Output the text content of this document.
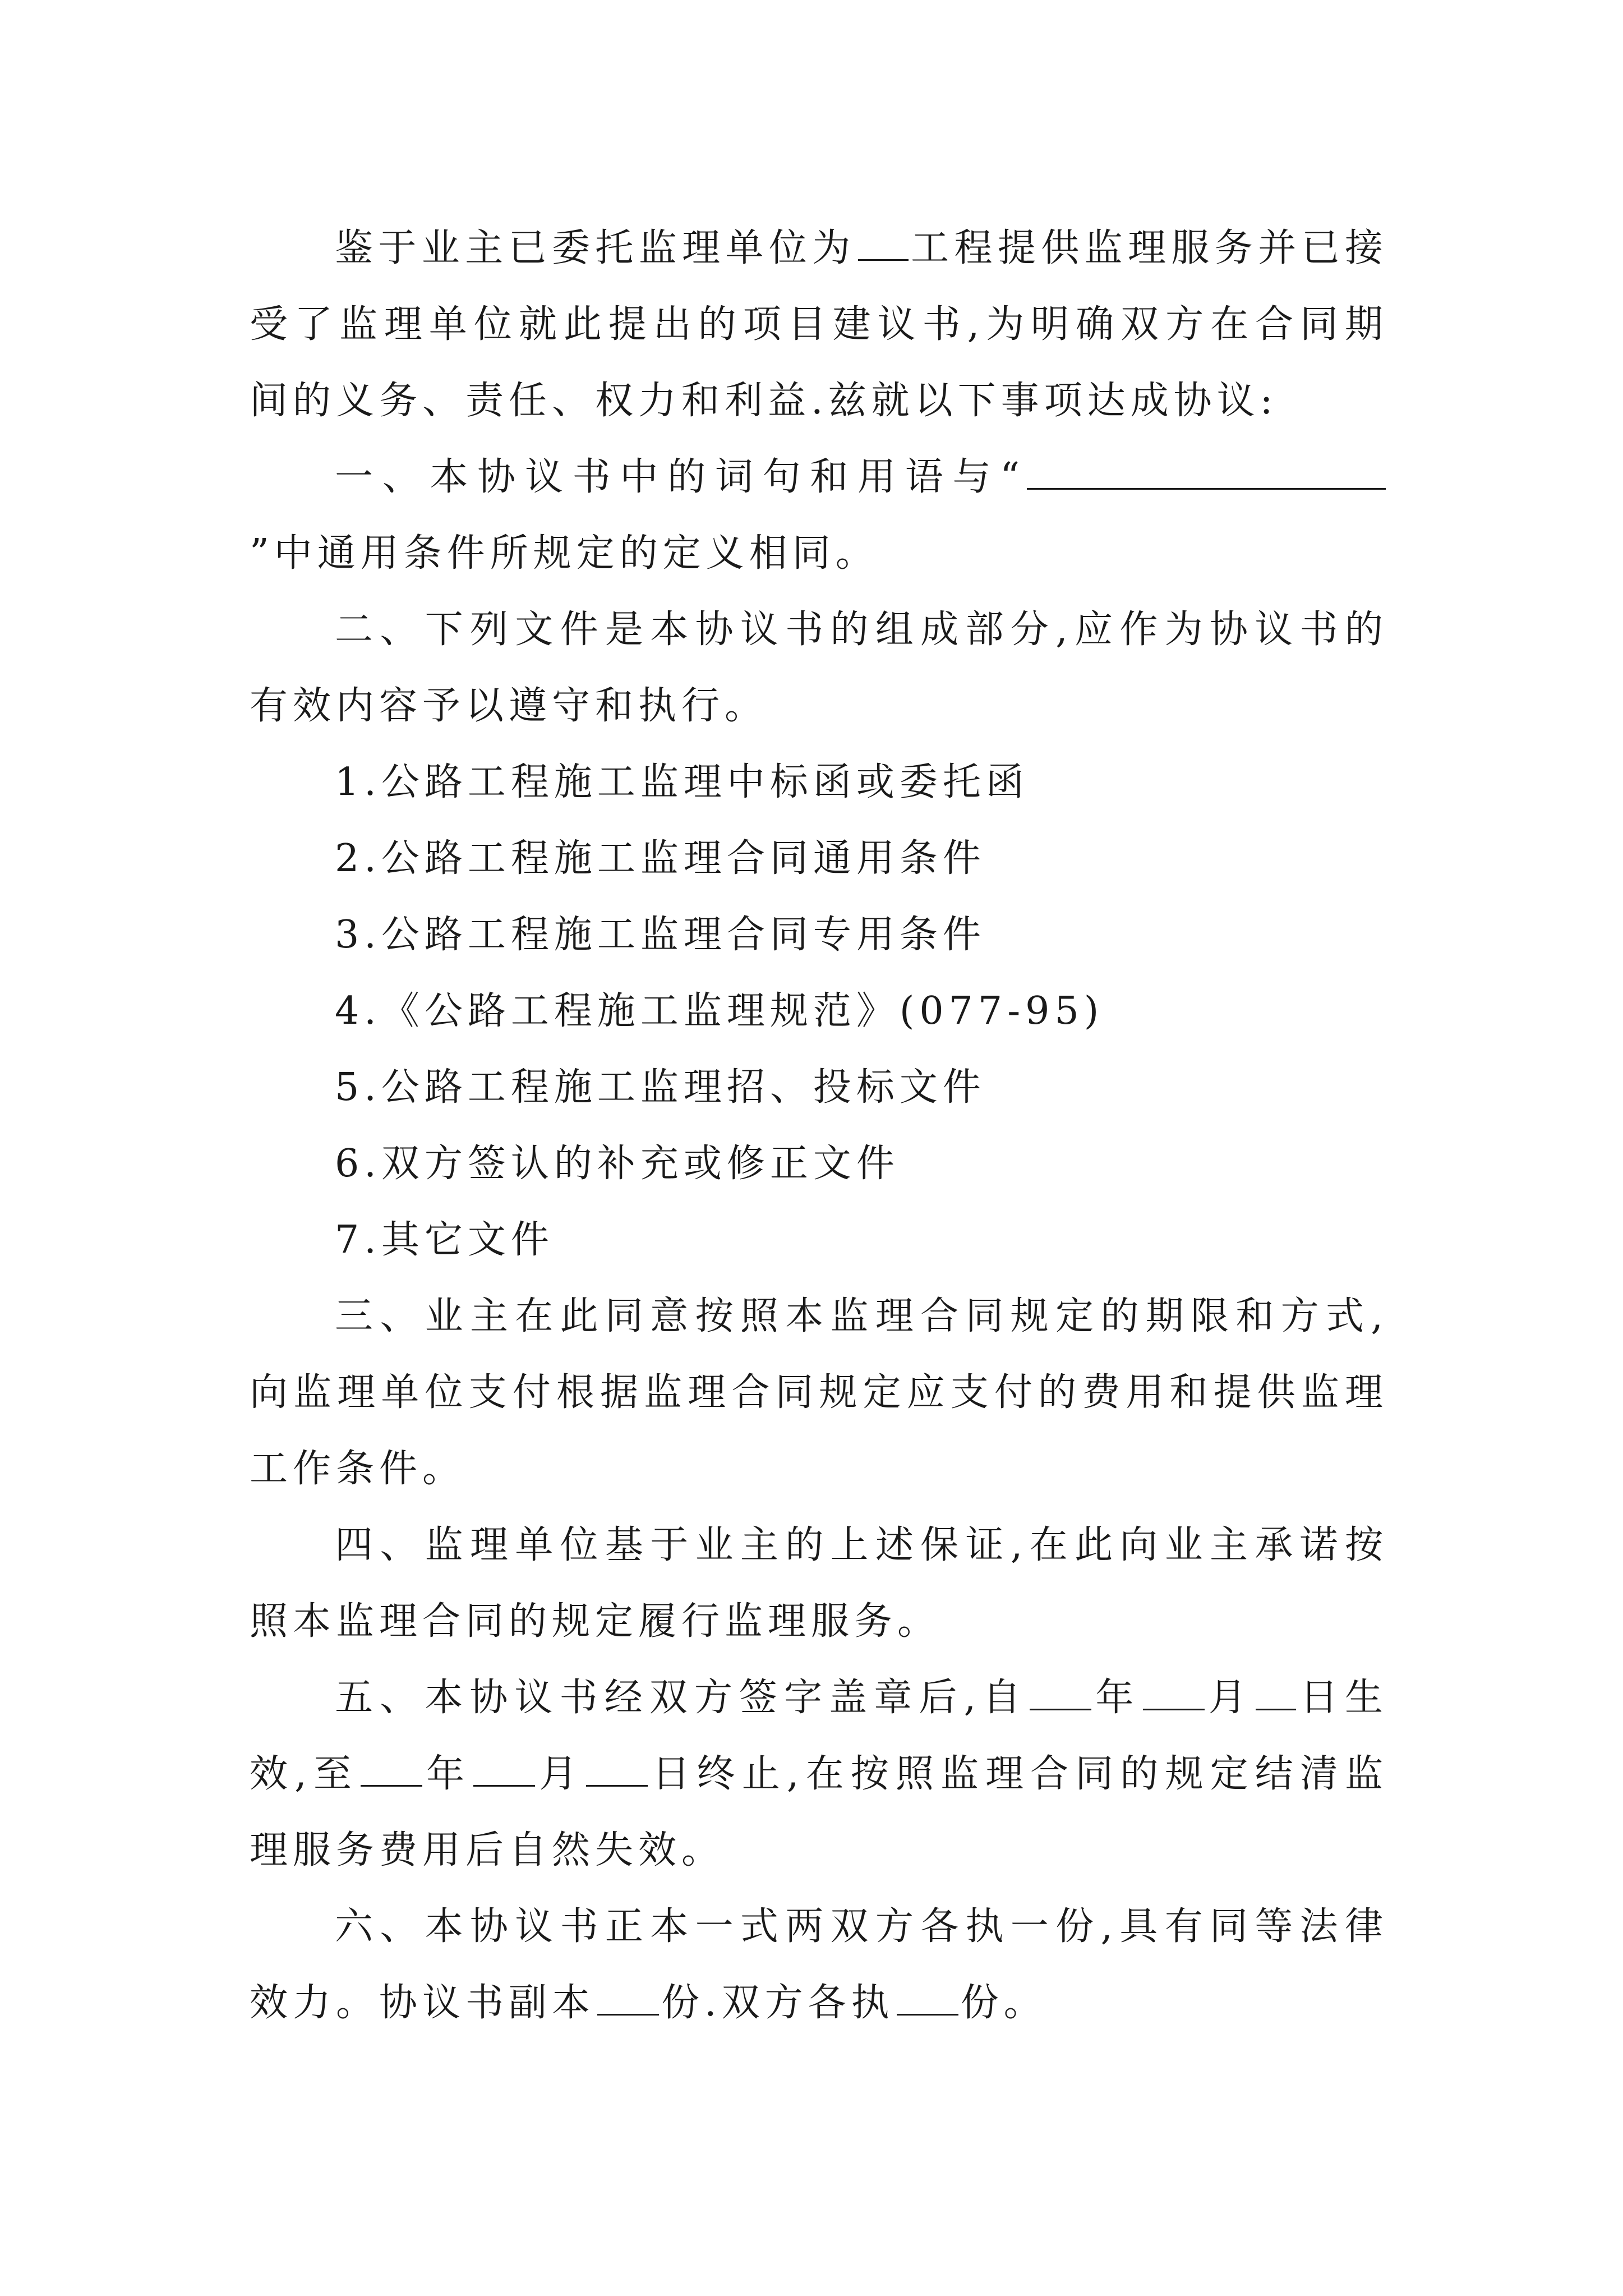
鉴于业主已委托监理单位为 工程提供监理服务并已接受了监理单位就此提出的项目建议书,为明确双方在合同期间的义务、责任、权力和利益.兹就以下事项达成协议:

一、本协议书中的词句和用语与“”中通用条件所规定的定义相同。

二、下列文件是本协议书的组成部分,应作为协议书的有效内容予以遵守和执行。

1.公路工程施工监理中标函或委托函

2.公路工程施工监理合同通用条件

3.公路工程施工监理合同专用条件

4.《公路工程施工监理规范》(077-95)

5.公路工程施工监理招、投标文件

6.双方签认的补充或修正文件

7.其它文件

三、业主在此同意按照本监理合同规定的期限和方式,向监理单位支付根据监理合同规定应支付的费用和提供监理工作条件。

四、监理单位基于业主的上述保证,在此向业主承诺按照本监理合同的规定履行监理服务。

五、本协议书经双方签字盖章后,自 年 月 日生效,至 年 月 日终止,在按照监理合同的规定结清监理服务费用后自然失效。

六、本协议书正本一式两双方各执一份,具有同等法律效力。协议书副本 份.双方各执 份。
